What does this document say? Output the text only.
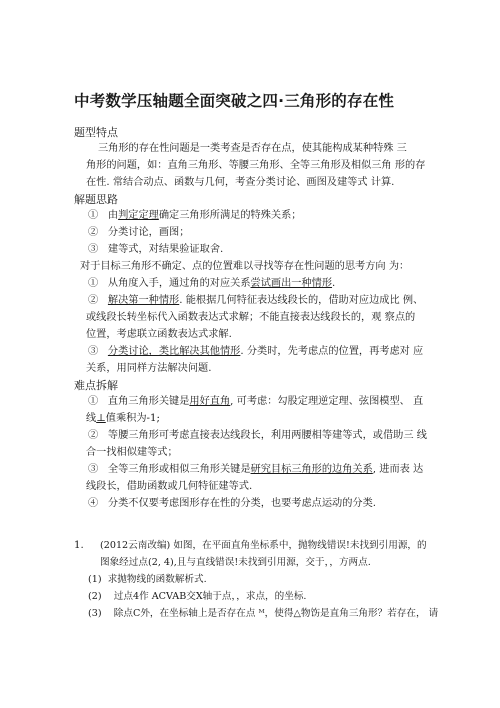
中考数学压轴题全面突破之四·三角形的存在性
题型特点
三角形的存在性问题是一类考查是否存在点，使其能构成某种特殊 三
角形的问题，如：直角三角形、等腰三角形、全等三角形及相似三角 形的存
在性. 常结合动点、函数与几何，考查分类讨论、画图及建等式 计算.
解题思路
① 由判定定理确定三角形所满足的特殊关系；
② 分类讨论，画图；
③ 建等式，对结果验证取舍.
对于目标三角形不确定、点的位置难以寻找等存在性问题的思考方向 为：
① 从角度入手，通过角的对应关系尝试画出一种情形.
② 解决第一种情形. 能根据几何特征表达线段长的，借助对应边成比 例、
或线段长转坐标代入函数表达式求解；不能直接表达线段长的，观 察点的
位置，考虑联立函数表达式求解.
③ 分类讨论，类比解决其他情形. 分类时，先考虑点的位置，再考虑对 应
关系，用同样方法解决问题.
难点拆解
① 直角三角形关键是用好直角, 可考虑：勾股定理逆定理、弦图模型、 直
线⊥值乘积为-1;
② 等腰三角形可考虑直接表达线段长，利用两腰相等建等式，或借助三 线
合一找相似建等式；
③ 全等三角形或相似三角形关键是研究目标三角形的边角关系, 进而表 达
线段长，借助函数或几何特征建等式.
④ 分类不仅要考虑图形存在性的分类，也要考虑点运动的分类.
1. (2012云南改编) 如图，在平面直角坐标系中，抛物线错误!未找到引用源，的
图象经过点(2, 4),且与直线错误!未找到引用源，交于，，方两点.
(1) 求抛物线的函数解析式.
(2) 过点4作 ACVAB交X轴于点，，求点，的坐标.
(3) 除点C外，在坐标轴上是否存在点 ᴹ，使得△物饬是直角三角形？若存在， 请
